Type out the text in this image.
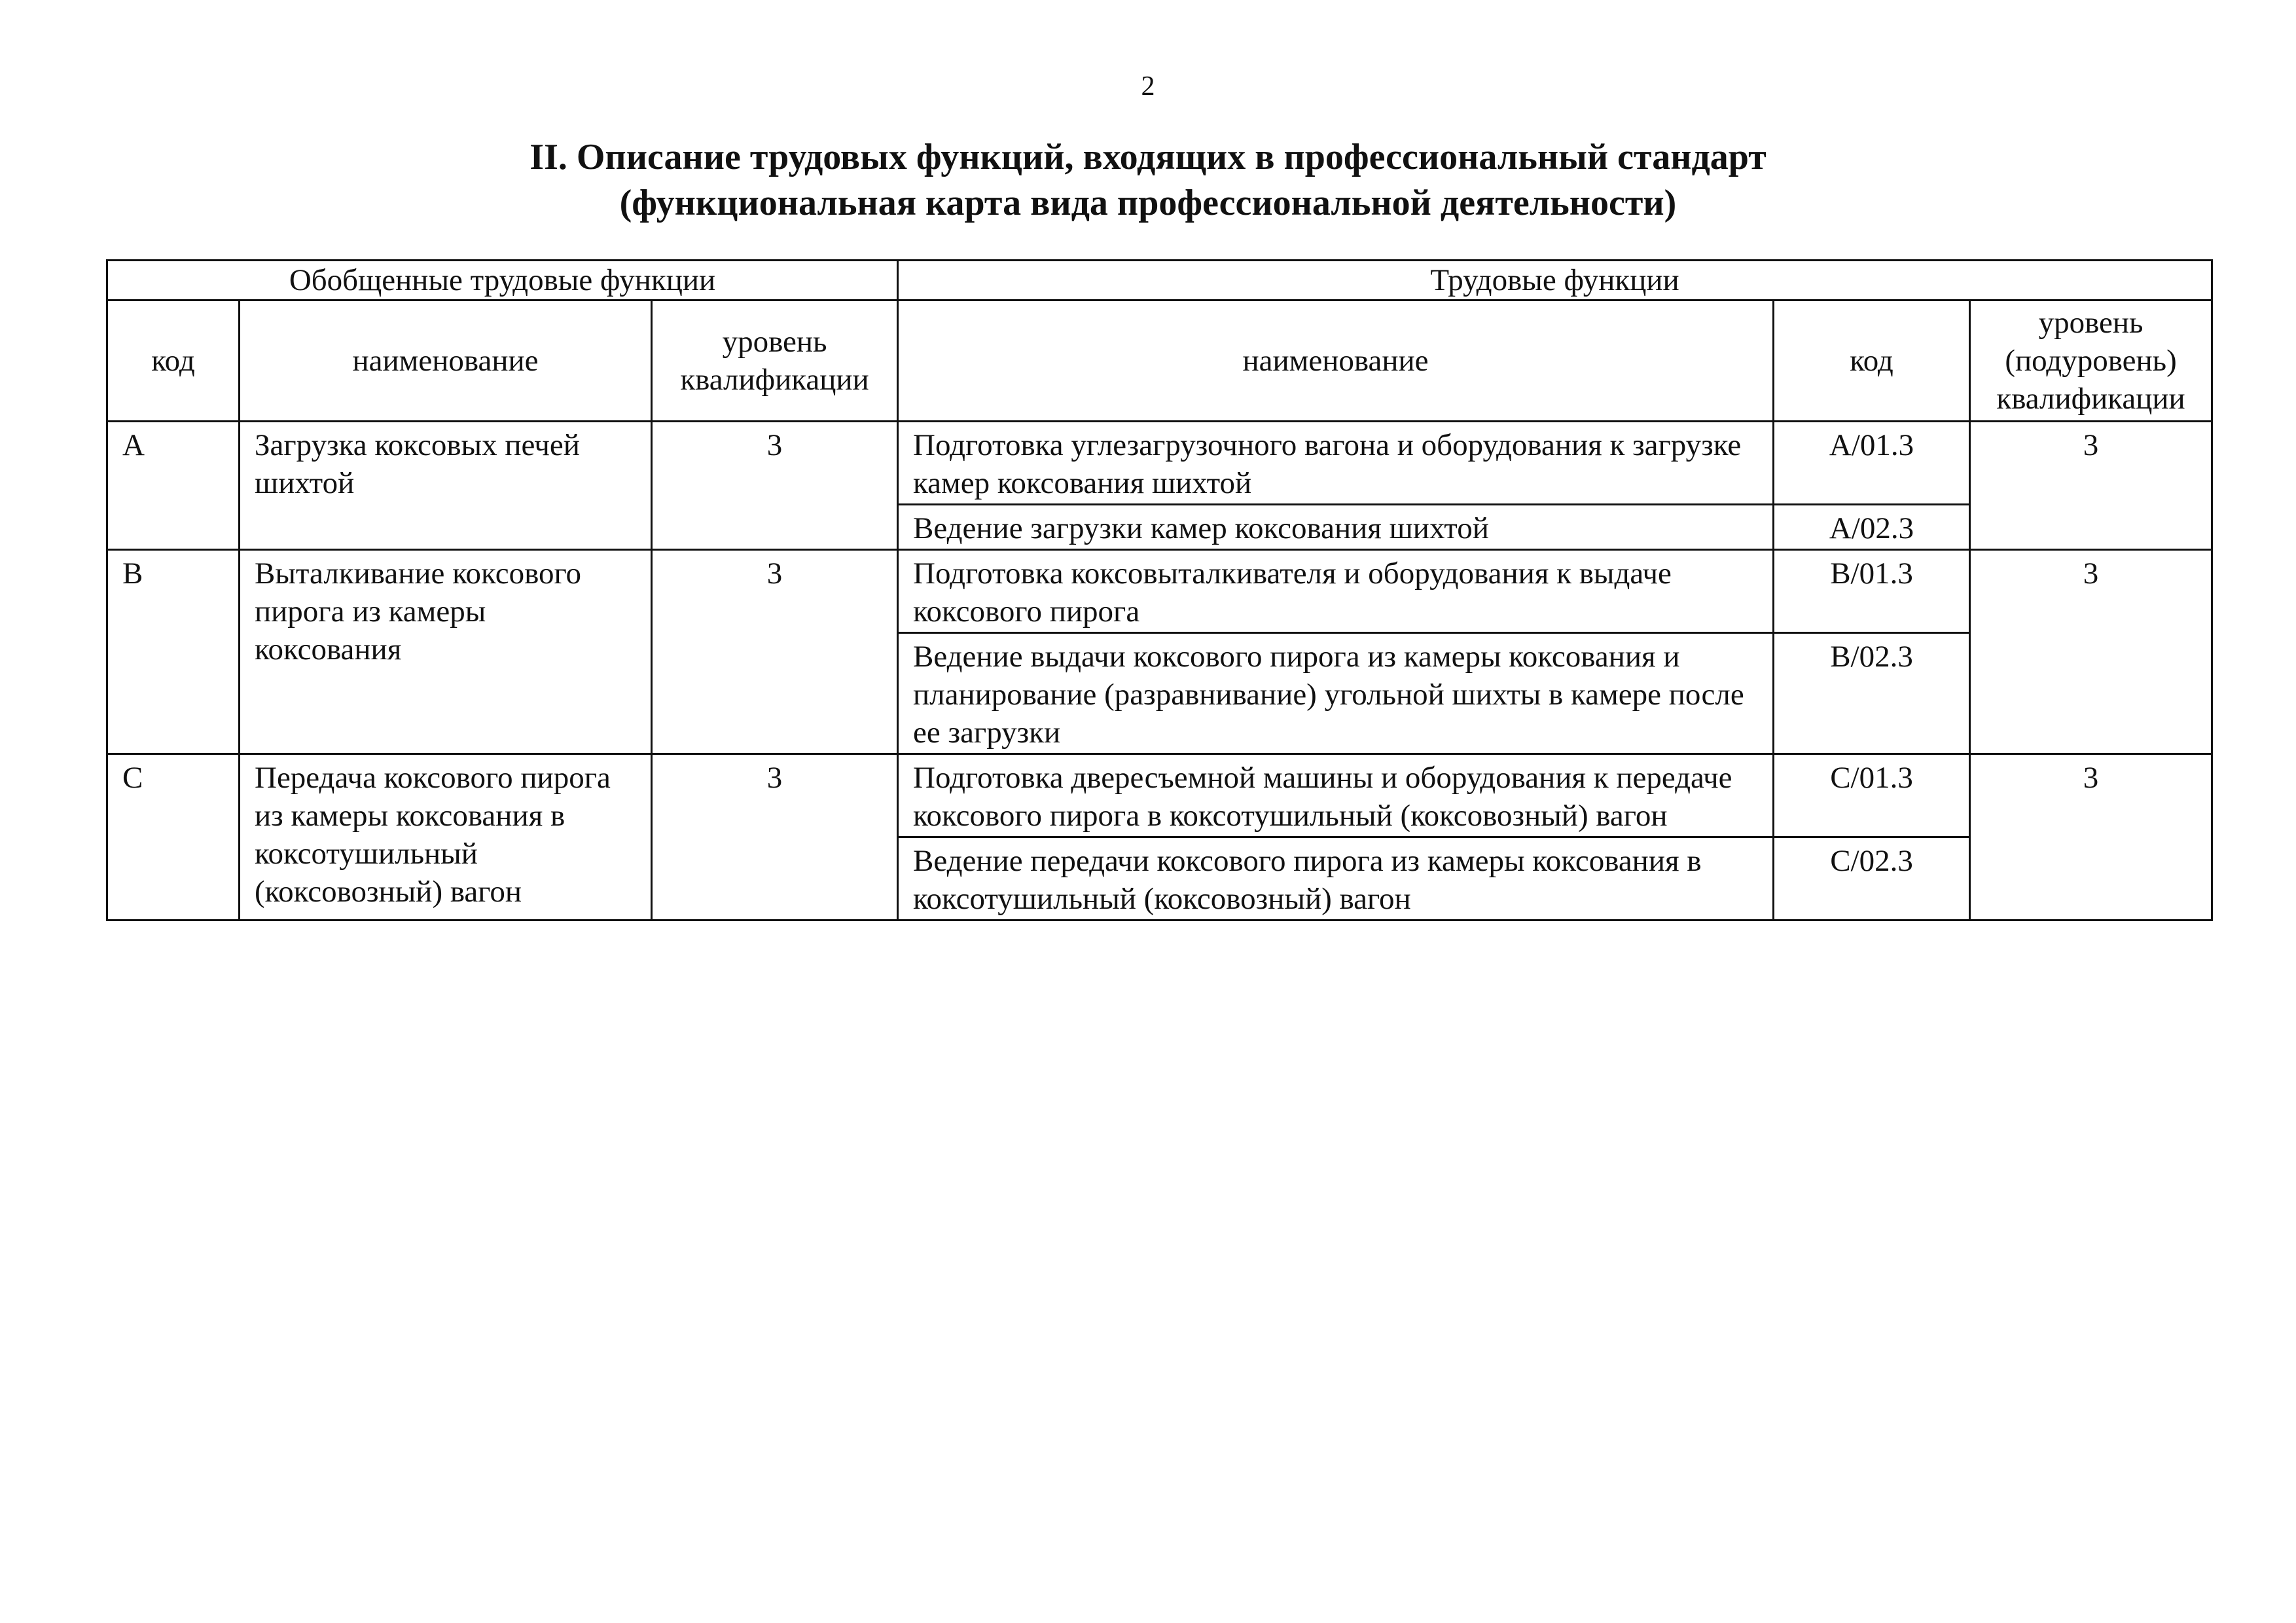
2
II. Описание трудовых функций, входящих в профессиональный стандарт
(функциональная карта вида профессиональной деятельности)
Обобщенные трудовые функции			Трудовые функции		
код	наименование	уровень квалификации	наименование	код	уровень (подуровень) квалификации
A	Загрузка коксовых печей шихтой	3	Подготовка углезагрузочного вагона и оборудования к загрузке камер коксования шихтой	A/01.3	3
			Ведение загрузки камер коксования шихтой	A/02.3	
B	Выталкивание коксового пирога из камеры коксования	3	Подготовка коксовыталкивателя и оборудования к выдаче коксового пирога	B/01.3	3
			Ведение выдачи коксового пирога из камеры коксования и планирование (разравнивание) угольной шихты в камере после ее загрузки	B/02.3	
C	Передача коксового пирога из камеры коксования в коксотушильный (коксовозный) вагон	3	Подготовка двересъемной машины и оборудования к передаче коксового пирога в коксотушильный (коксовозный) вагон	C/01.3	3
			Ведение передачи коксового пирога из камеры коксования в коксотушильный (коксовозный) вагон	C/02.3	
